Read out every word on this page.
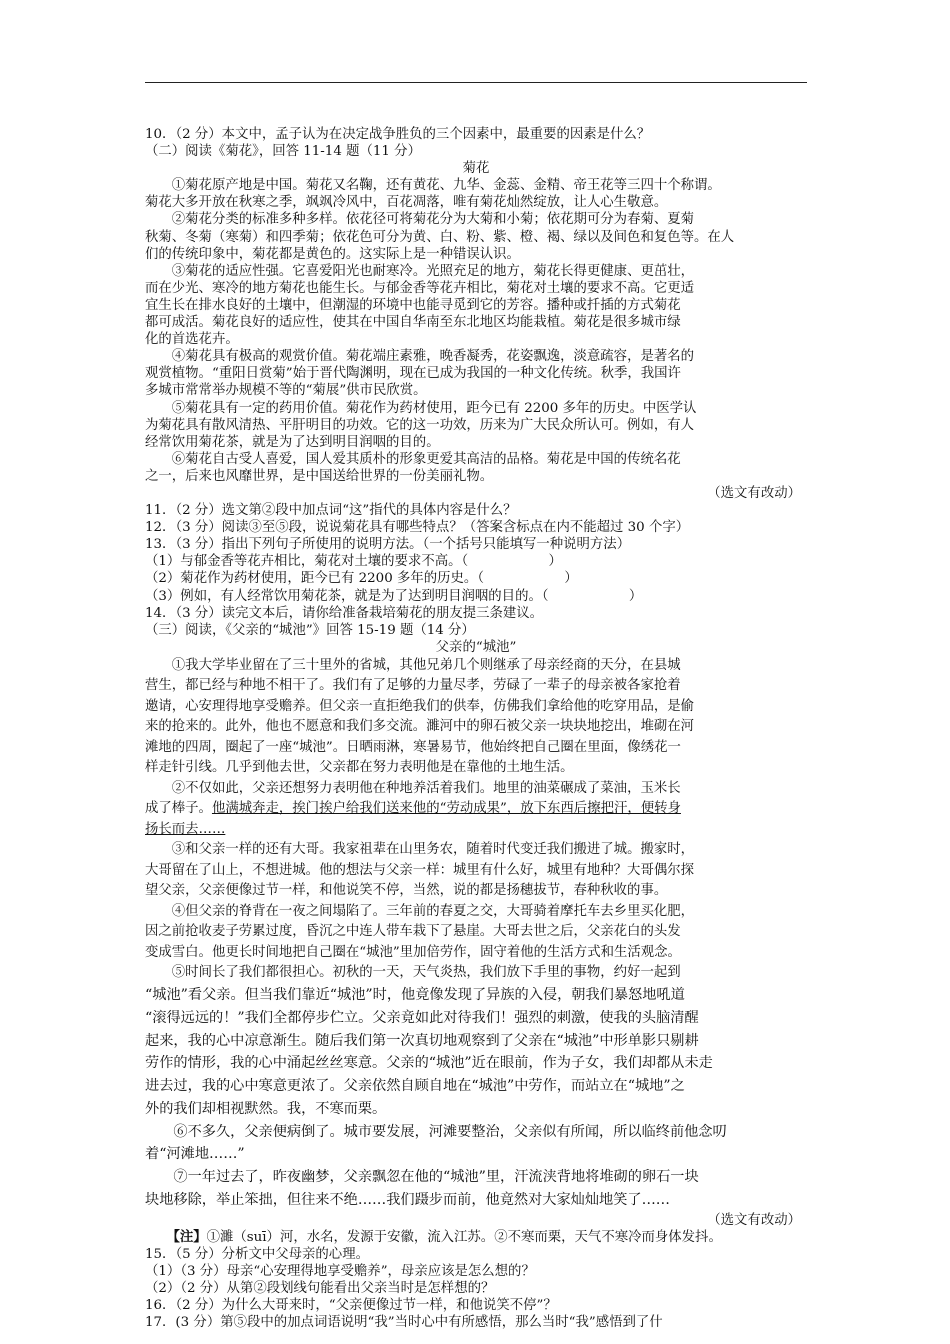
10．（2 分）本文中，孟子认为在决定战争胜负的三个因素中，最重要的因素是什么？
（二）阅读《菊花》，回答 11-14 题（11 分）
菊花
①菊花原产地是中国。菊花又名鞠，还有黄花、九华、金蕊、金精、帝王花等三四十个称谓。
菊花大多开放在秋寒之季，飒飒冷风中，百花凋落，唯有菊花灿然绽放，让人心生敬意。
②菊花分类的标准多种多样。依花径可将菊花分为大菊和小菊；依花期可分为春菊、夏菊
秋菊、冬菊（寒菊）和四季菊；依花色可分为黄、白、粉、紫、橙、褐、绿以及间色和复色等。在人
们的传统印象中，菊花都是黄色的。这实际上是一种错误认识。
③菊花的适应性强。它喜爱阳光也耐寒冷。光照充足的地方，菊花长得更健康、更茁壮，
而在少光、寒冷的地方菊花也能生长。与郁金香等花卉相比，菊花对土壤的要求不高。它更适
宜生长在排水良好的土壤中，但潮湿的环境中也能寻觅到它的芳容。播种或扦插的方式菊花
都可成活。菊花良好的适应性，使其在中国自华南至东北地区均能栽植。菊花是很多城市绿
化的首选花卉。
④菊花具有极高的观赏价值。菊花端庄素雅，晚香凝秀，花姿飘逸，淡意疏容，是著名的
观赏植物。“重阳日赏菊”始于晋代陶渊明，现在已成为我国的一种文化传统。秋季，我国许
多城市常常举办规模不等的“菊展”供市民欣赏。
⑤菊花具有一定的药用价值。菊花作为药材使用，距今已有 2200 多年的历史。中医学认
为菊花具有散风清热、平肝明目的功效。它的这一功效，历来为广大民众所认可。例如，有人
经常饮用菊花茶，就是为了达到明目润咽的目的。
⑥菊花自古受人喜爱，国人爱其质朴的形象更爱其高洁的品格。菊花是中国的传统名花
之一，后来也风靡世界，是中国送给世界的一份美丽礼物。
（选文有改动）
11．（2 分）选文第②段中加点词“这”指代的具体内容是什么？
12．（3 分）阅读③至⑤段，说说菊花具有哪些特点？（答案含标点在内不能超过 30 个字）
13．（3 分）指出下列句子所使用的说明方法。（一个括号只能填写一种说明方法）
（1）与郁金香等花卉相比，菊花对土壤的要求不高。（　　　　　　）
（2）菊花作为药材使用，距今已有 2200 多年的历史。（　　　　　　）
（3）例如，有人经常饮用菊花茶，就是为了达到明目润咽的目的。（　　　　　　）
14．（3 分）读完文本后，请你给准备栽培菊花的朋友提三条建议。
（三）阅读，《父亲的“城池”》回答 15-19 题（14 分）
父亲的“城池”
①我大学毕业留在了三十里外的省城，其他兄弟几个则继承了母亲经商的天分，在县城
营生，都已经与种地不相干了。我们有了足够的力量尽孝，劳碌了一辈子的母亲被各家抢着
邀请，心安理得地享受赡养。但父亲一直拒绝我们的供奉，仿佛我们拿给他的吃穿用品，是偷
来的抢来的。此外，他也不愿意和我们多交流。濉河中的卵石被父亲一块块地挖出，堆砌在河
滩地的四周，圈起了一座“城池”。日晒雨淋，寒暑易节，他始终把自己圈在里面，像绣花一
样走针引线。几乎到他去世，父亲都在努力表明他是在靠他的土地生活。
②不仅如此，父亲还想努力表明他在种地养活着我们。地里的油菜碾成了菜油，玉米长
成了棒子。他满城奔走，挨门挨户给我们送来他的“劳动成果”，放下东西后擦把汗，便转身
扬长而去……
③和父亲一样的还有大哥。我家祖辈在山里务农，随着时代变迁我们搬进了城。搬家时，
大哥留在了山上，不想进城。他的想法与父亲一样：城里有什么好，城里有地种？大哥偶尔探
望父亲，父亲便像过节一样，和他说笑不停，当然，说的都是扬穗拔节，春种秋收的事。
④但父亲的脊背在一夜之间塌陷了。三年前的春夏之交，大哥骑着摩托车去乡里买化肥，
因之前抢收麦子劳累过度，昏沉之中连人带车栽下了悬崖。大哥去世之后，父亲花白的头发
变成雪白。他更长时间地把自己圈在“城池”里加倍劳作，固守着他的生活方式和生活观念。
⑤时间长了我们都很担心。初秋的一天，天气炎热，我们放下手里的事物，约好一起到
“城池”看父亲。但当我们靠近“城池”时，他竟像发现了异族的入侵，朝我们暴怒地吼道
“滚得远远的！”我们全都停步伫立。父亲竟如此对待我们！强烈的刺激，使我的头脑清醒
起来，我的心中凉意渐生。随后我们第一次真切地观察到了父亲在“城池”中形单影只剔耕
劳作的情形，我的心中涌起丝丝寒意。父亲的“城池”近在眼前，作为子女，我们却都从未走
进去过，我的心中寒意更浓了。父亲依然自顾自地在“城池”中劳作，而站立在“城地”之
外的我们却相视默然。我，不寒而栗。
⑥不多久，父亲便病倒了。城市要发展，河滩要整治，父亲似有所闻，所以临终前他念叨
着“河滩地……”
⑦一年过去了，昨夜幽梦，父亲飘忽在他的“城池”里，汗流浃背地将堆砌的卵石一块
块地移除，举止笨拙，但往来不绝……我们蹑步而前，他竟然对大家灿灿地笑了……
（选文有改动）
【注】①濉（suī）河，水名，发源于安徽，流入江苏。②不寒而栗，天气不寒冷而身体发抖。
15．（5 分）分析文中父母亲的心理。
（1）（3 分）母亲“心安理得地享受赡养”，母亲应该是怎么想的？
（2）（2 分）从第②段划线句能看出父亲当时是怎样想的？
16．（2 分）为什么大哥来时，“父亲便像过节一样，和他说笑不停”？
17．(3 分）第⑤段中的加点词语说明“我”当时心中有所感悟，那么当时“我”感悟到了什
